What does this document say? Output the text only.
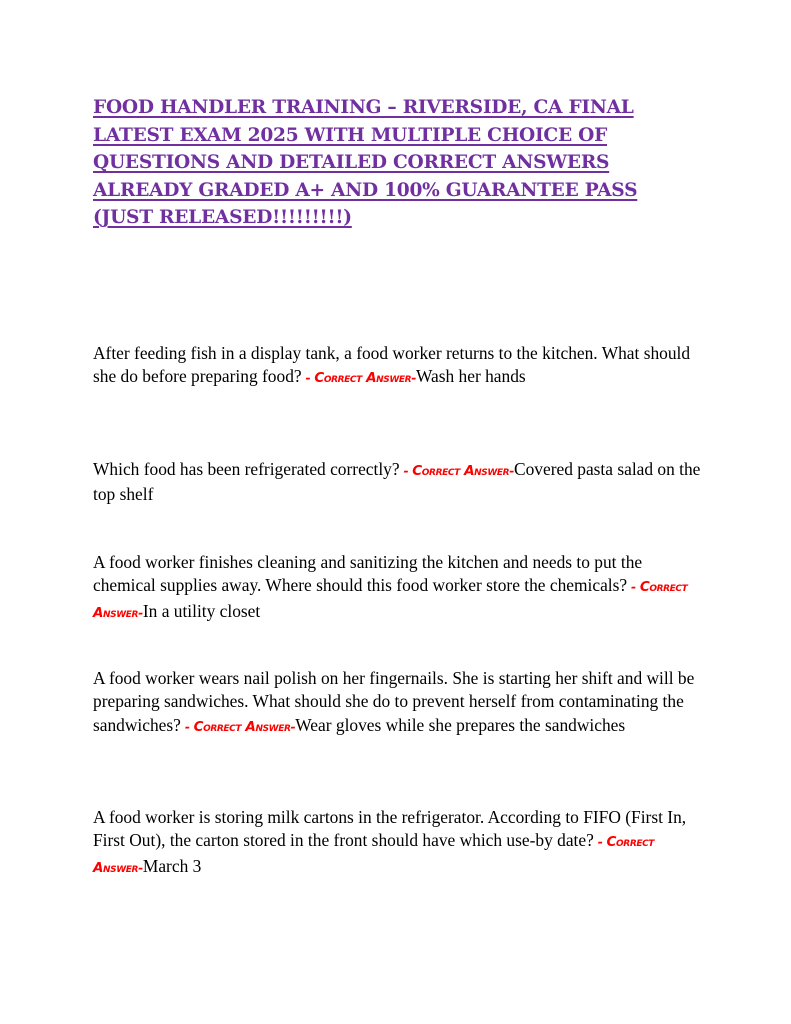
FOOD HANDLER TRAINING – RIVERSIDE, CA FINAL LATEST EXAM 2025 WITH MULTIPLE CHOICE OF QUESTIONS AND DETAILED CORRECT ANSWERS ALREADY GRADED A+ AND 100% GUARANTEE PASS (JUST RELEASED!!!!!!!!!)

After feeding fish in a display tank, a food worker returns to the kitchen. What should she do before preparing food? - Correct Answer-Wash her hands

Which food has been refrigerated correctly? - Correct Answer-Covered pasta salad on the top shelf

A food worker finishes cleaning and sanitizing the kitchen and needs to put the chemical supplies away. Where should this food worker store the chemicals? - Correct Answer-In a utility closet

A food worker wears nail polish on her fingernails. She is starting her shift and will be preparing sandwiches. What should she do to prevent herself from contaminating the sandwiches? - Correct Answer-Wear gloves while she prepares the sandwiches

A food worker is storing milk cartons in the refrigerator. According to FIFO (First In, First Out), the carton stored in the front should have which use-by date? - Correct Answer-March 3
